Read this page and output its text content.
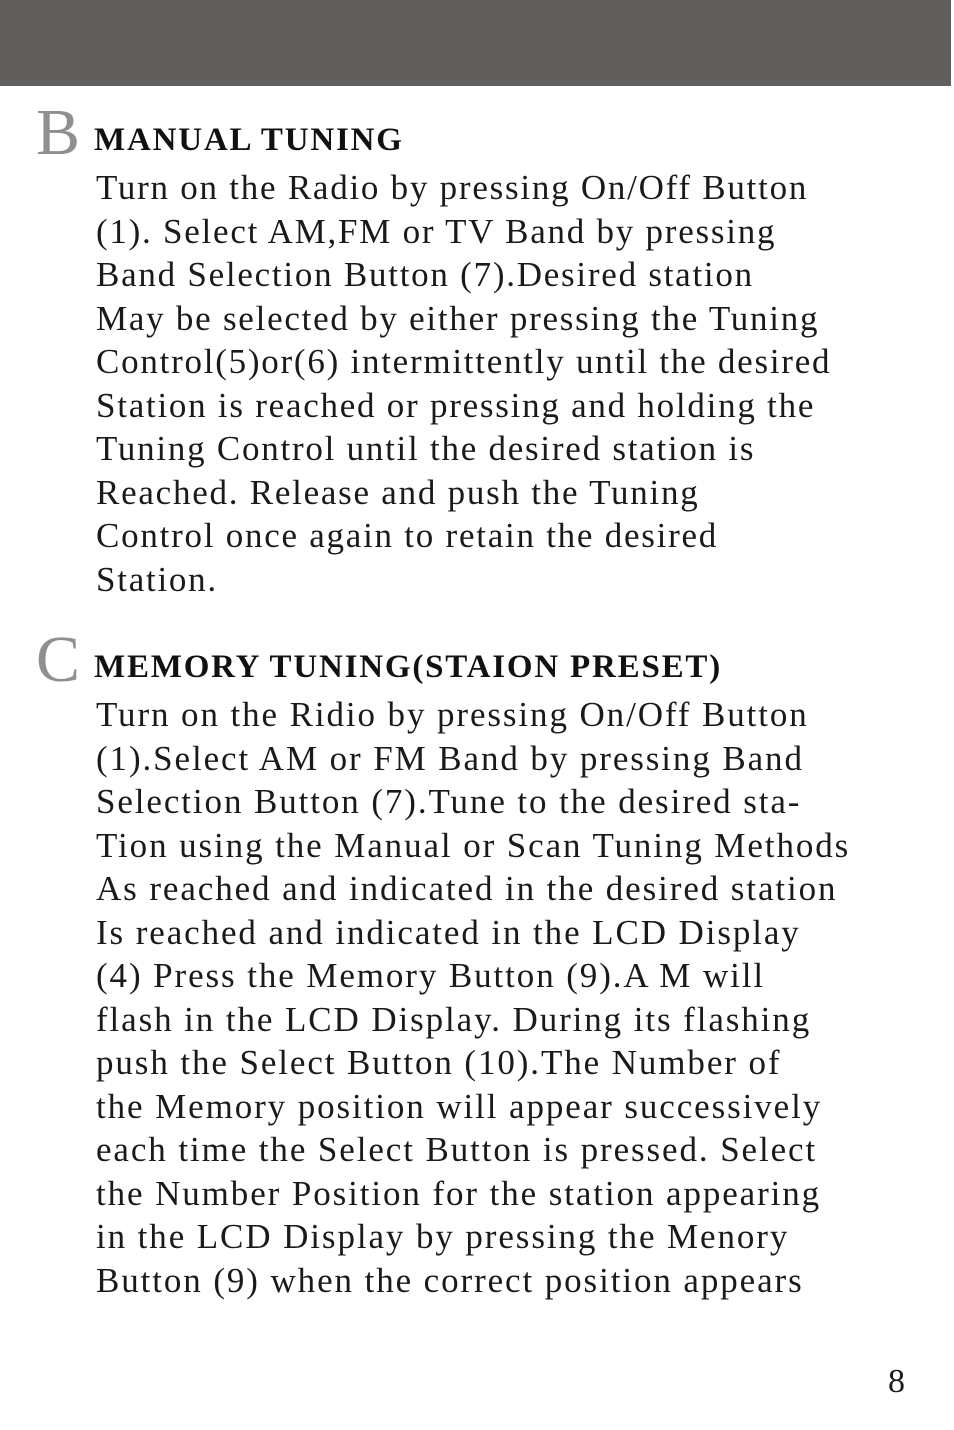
B MANUAL TUNING
Turn on the Radio by pressing On/Off Button
(1). Select AM,FM or TV Band by pressing
Band Selection Button (7).Desired station
May be selected by either pressing the Tuning
Control(5)or(6) intermittently until the desired
Station is reached or pressing and holding the
Tuning Control until the desired station is
Reached. Release and push the Tuning
Control once again to retain the desired
Station.
C MEMORY TUNING(STAION PRESET)
Turn on the Ridio by pressing On/Off Button
(1).Select AM or FM Band by pressing Band
Selection Button (7).Tune to the desired sta-
Tion using the Manual or Scan Tuning Methods
As reached and indicated in the desired station
Is reached and indicated in the LCD Display
(4) Press the Memory Button (9).A M will
flash in the LCD Display. During its flashing
push the Select Button (10).The Number of
the Memory position will appear successively
each time the Select Button is pressed. Select
the Number Position for the station appearing
in the LCD Display by pressing the Menory
Button (9) when the correct position appears
8
